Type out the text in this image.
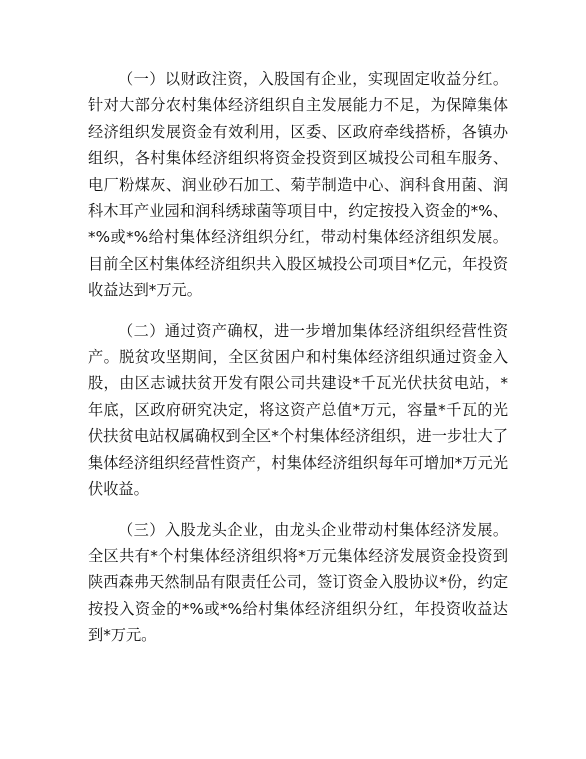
（一）以财政注资，入股国有企业，实现固定收益分红。针对大部分农村集体经济组织自主发展能力不足，为保障集体经济组织发展资金有效利用，区委、区政府牵线搭桥，各镇办组织，各村集体经济组织将资金投资到区城投公司租车服务、电厂粉煤灰、润业砂石加工、菊芋制造中心、润科食用菌、润科木耳产业园和润科绣球菌等项目中，约定按投入资金的*%、*%或*%给村集体经济组织分红，带动村集体经济组织发展。目前全区村集体经济组织共入股区城投公司项目*亿元，年投资收益达到*万元。

（二）通过资产确权，进一步增加集体经济组织经营性资产。脱贫攻坚期间，全区贫困户和村集体经济组织通过资金入股，由区志诚扶贫开发有限公司共建设*千瓦光伏扶贫电站，*年底，区政府研究决定，将这资产总值*万元，容量*千瓦的光伏扶贫电站权属确权到全区*个村集体经济组织，进一步壮大了集体经济组织经营性资产，村集体经济组织每年可增加*万元光伏收益。

（三）入股龙头企业，由龙头企业带动村集体经济发展。全区共有*个村集体经济组织将*万元集体经济发展资金投资到陕西森弗天然制品有限责任公司，签订资金入股协议*份，约定按投入资金的*%或*%给村集体经济组织分红，年投资收益达到*万元。
